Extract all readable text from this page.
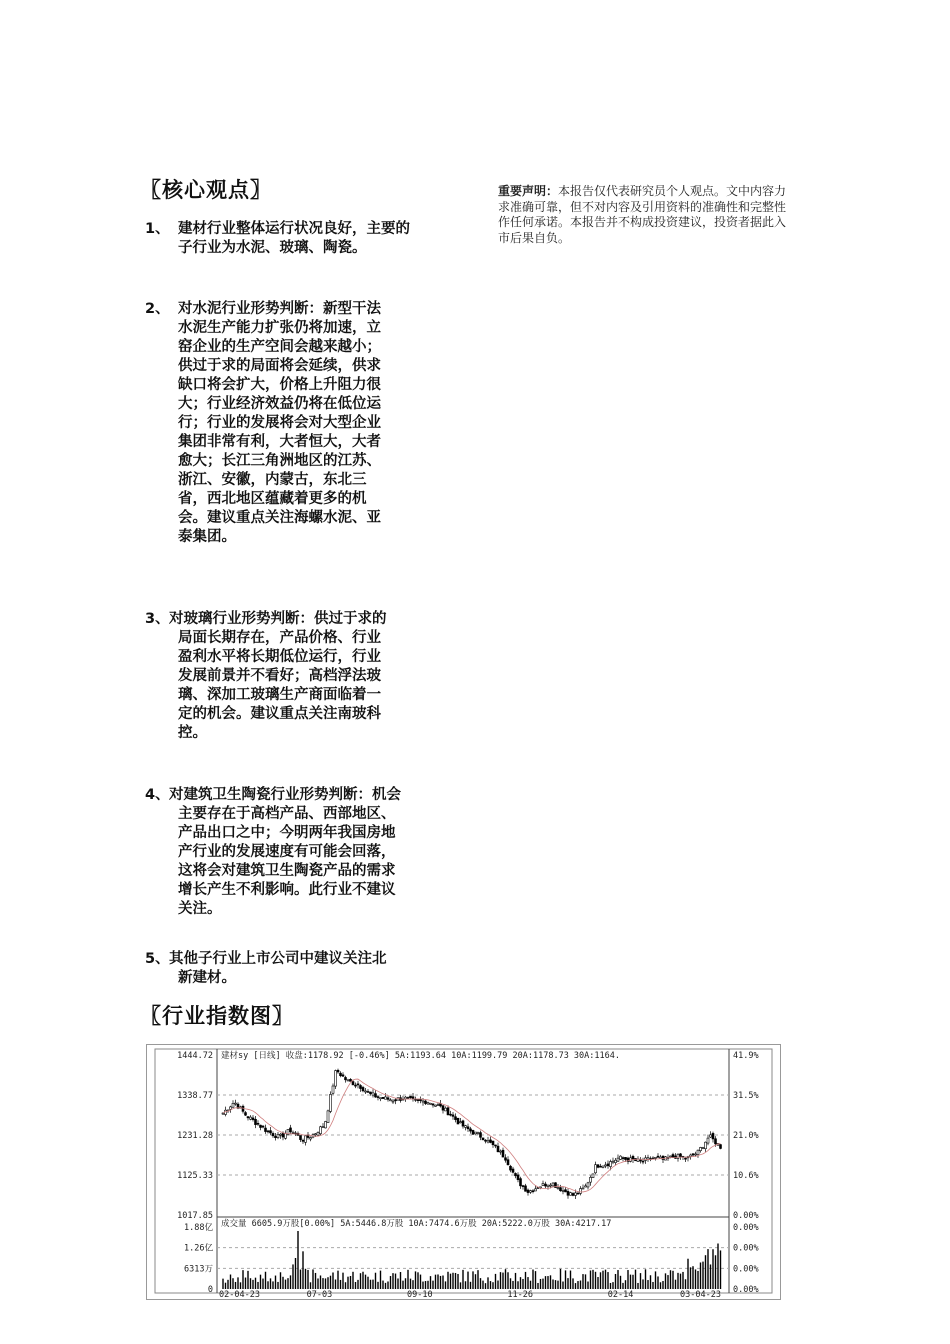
〖核心观点〗
1、 建材行业整体运行状况良好，主要的子行业为水泥、玻璃、陶瓷。
2、 对水泥行业形势判断：新型干法水泥生产能力扩张仍将加速，立窑企业的生产空间会越来越小；供过于求的局面将会延续，供求缺口将会扩大，价格上升阻力很大；行业经济效益仍将在低位运行；行业的发展将会对大型企业集团非常有利，大者恒大，大者愈大；长江三角洲地区的江苏、浙江、安徽，内蒙古，东北三省，西北地区蕴藏着更多的机会。建议重点关注海螺水泥、亚泰集团。
3、 对玻璃行业形势判断：供过于求的局面长期存在，产品价格、行业盈利水平将长期低位运行，行业发展前景并不看好；高档浮法玻璃、深加工玻璃生产商面临着一定的机会。建议重点关注南玻科控。
4、 对建筑卫生陶瓷行业形势判断：机会主要存在于高档产品、西部地区、产品出口之中；今明两年我国房地产行业的发展速度有可能会回落，这将会对建筑卫生陶瓷产品的需求增长产生不利影响。此行业不建议关注。
5、 其他子行业上市公司中建议关注北新建材。
重要声明：本报告仅代表研究员个人观点。文中内容力求准确可靠，但不对内容及引用资料的准确性和完整性作任何承诺。本报告并不构成投资建议，投资者据此入市后果自负。
〖行业指数图〗
1444.72	41.9%
1338.77	31.5%
1231.28	21.0%
1125.33	10.6%
1017.85	0.00%
1.88亿	0.00%
1.26亿	0.00%
6313万	0.00%
0	0.00%
建材sy [日线] 收盘:1178.92 [-0.46%] 5A:1193.64 10A:1199.79 20A:1178.73 30A:1164.
成交量 6605.9万股[0.00%] 5A:5446.8万股 10A:7474.6万股 20A:5222.0万股 30A:4217.17
02-04-23	07-03	09-10	11-26	02-14	03-04-23
